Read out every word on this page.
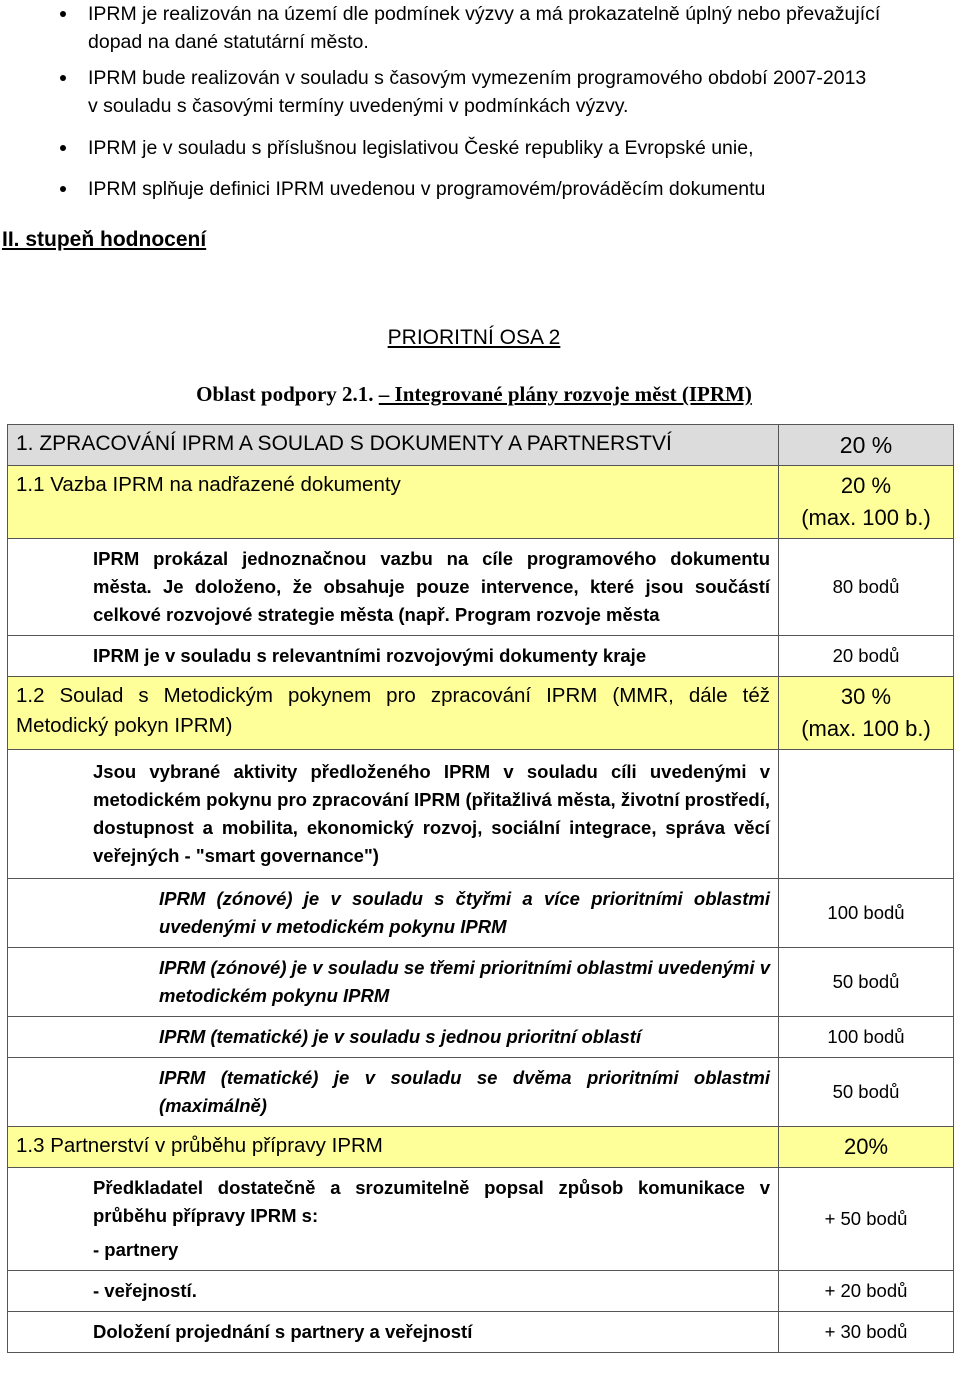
IPRM je realizován na území dle podmínek výzvy a má prokazatelně úplný nebo převažující
dopad na dané statutární město.
IPRM bude realizován v souladu s časovým vymezením programového období 2007-2013
v souladu s časovými termíny uvedenými v podmínkách výzvy.
IPRM je v souladu s příslušnou legislativou České republiky a Evropské unie,
IPRM splňuje definici IPRM uvedenou v programovém/prováděcím dokumentu
II. stupeň hodnocení
PRIORITNÍ OSA 2
Oblast podpory 2.1. – Integrované plány rozvoje měst (IPRM)
1. ZPRACOVÁNÍ IPRM A SOULAD S DOKUMENTY A PARTNERSTVÍ	20 %
1.1 Vazba IPRM na nadřazené dokumenty	20 %
(max. 100 b.)

IPRM prokázal jednoznačnou vazbu na cíle programového dokumentu města. Je doloženo, že obsahuje pouze intervence, které jsou součástí celkové rozvojové strategie města (např. Program rozvoje města	80 bodů
IPRM je v souladu s relevantními rozvojovými dokumenty kraje	20 bodů
1.2 Soulad s Metodickým pokynem pro zpracování IPRM (MMR, dále též Metodický pokyn IPRM)	30 %
(max. 100 b.)

Jsou vybrané aktivity předloženého IPRM v souladu cíli uvedenými v metodickém pokynu pro zpracování IPRM (přitažlivá města, životní prostředí, dostupnost a mobilita, ekonomický rozvoj, sociální integrace, správa věcí veřejných - "smart governance")	
IPRM (zónové) je v souladu s čtyřmi a více prioritními oblastmi uvedenými v metodickém pokynu IPRM	100 bodů
IPRM (zónové) je v souladu se třemi prioritními oblastmi uvedenými v metodickém pokynu IPRM	50 bodů
IPRM (tematické) je v souladu s jednou prioritní oblastí	100 bodů
IPRM (tematické) je v souladu se dvěma prioritními oblastmi (maximálně)	50 bodů
1.3 Partnerství v průběhu přípravy IPRM	20%

Předkladatel dostatečně a srozumitelně popsal způsob komunikace v průběhu přípravy IPRM s:
- partnery	+ 50 bodů
- veřejností.	+ 20 bodů
Doložení projednání s partnery a veřejností	+ 30 bodů
